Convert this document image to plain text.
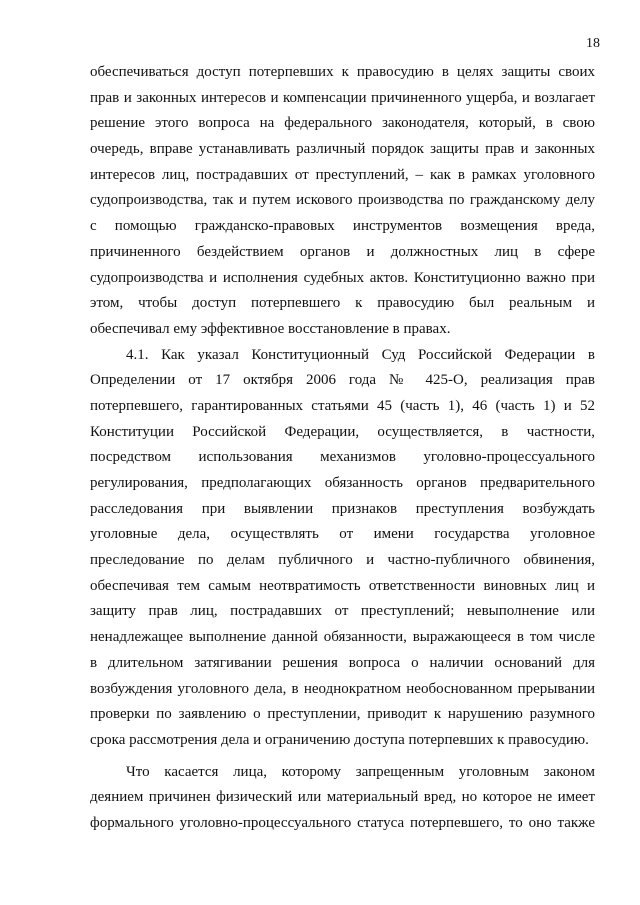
18
обеспечиваться доступ потерпевших к правосудию в целях защиты своих
прав и законных интересов и компенсации причиненного ущерба, и возлагает
решение этого вопроса на федерального законодателя, который, в свою
очередь, вправе устанавливать различный порядок защиты прав и законных
интересов лиц, пострадавших от преступлений, – как в рамках уголовного
судопроизводства, так и путем искового производства по гражданскому делу
с помощью гражданско-правовых инструментов возмещения вреда,
причиненного бездействием органов и должностных лиц в сфере
судопроизводства и исполнения судебных актов. Конституционно важно при
этом, чтобы доступ потерпевшего к правосудию был реальным и
обеспечивал ему эффективное восстановление в правах.
4.1. Как указал Конституционный Суд Российской Федерации в
Определении от 17 октября 2006 года № 425-О, реализация прав
потерпевшего, гарантированных статьями 45 (часть 1), 46 (часть 1) и 52
Конституции Российской Федерации, осуществляется, в частности,
посредством использования механизмов уголовно-процессуального
регулирования, предполагающих обязанность органов предварительного
расследования при выявлении признаков преступления возбуждать
уголовные дела, осуществлять от имени государства уголовное
преследование по делам публичного и частно-публичного обвинения,
обеспечивая тем самым неотвратимость ответственности виновных лиц и
защиту прав лиц, пострадавших от преступлений; невыполнение или
ненадлежащее выполнение данной обязанности, выражающееся в том числе
в длительном затягивании решения вопроса о наличии оснований для
возбуждения уголовного дела, в неоднократном необоснованном прерывании
проверки по заявлению о преступлении, приводит к нарушению разумного
срока рассмотрения дела и ограничению доступа потерпевших к правосудию.
Что касается лица, которому запрещенным уголовным законом
деянием причинен физический или материальный вред, но которое не имеет
формального уголовно-процессуального статуса потерпевшего, то оно также
